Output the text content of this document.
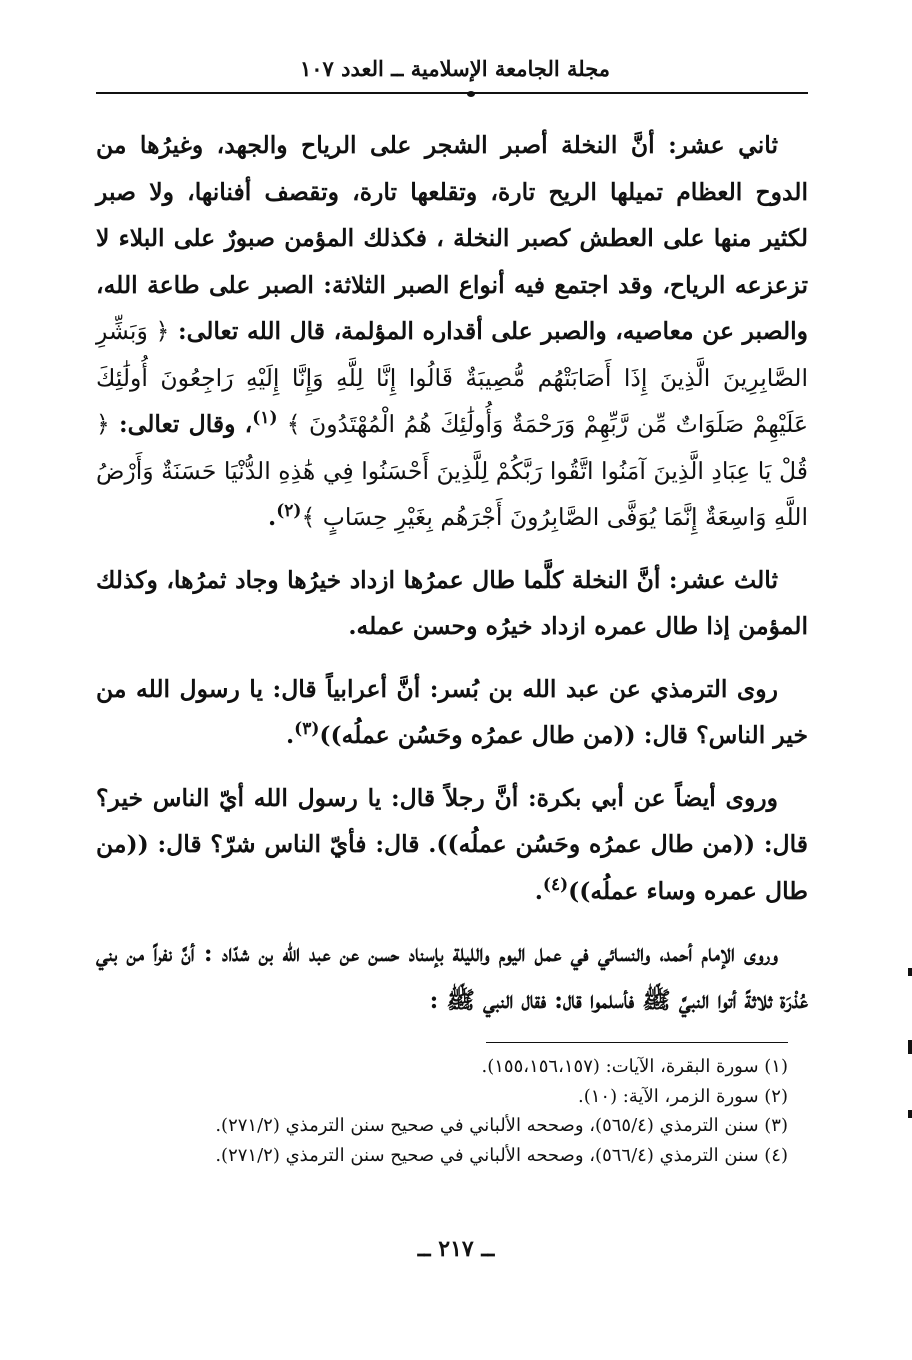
مجلة الجامعة الإسلامية ــ العدد ١٠٧

ثاني عشر: أنَّ النخلة أصبر الشجر على الرياح والجهد، وغيرُها من الدوح العظام تميلها الريح تارة، وتقلعها تارة، وتقصف أفنانها، ولا صبر لكثير منها على العطش كصبر النخلة ، فكذلك المؤمن صبورٌ على البلاء لا تزعزعه الرياح، وقد اجتمع فيه أنواع الصبر الثلاثة: الصبر على طاعة الله، والصبر عن معاصيه، والصبر على أقداره المؤلمة، قال الله تعالى: ﴿ وَبَشِّرِ الصَّابِرِينَ الَّذِينَ إِذَا أَصَابَتْهُم مُّصِيبَةٌ قَالُوا إِنَّا لِلَّهِ وَإِنَّا إِلَيْهِ رَاجِعُونَ أُولَٰئِكَ عَلَيْهِمْ صَلَوَاتٌ مِّن رَّبِّهِمْ وَرَحْمَةٌ وَأُولَٰئِكَ هُمُ الْمُهْتَدُونَ ﴾ $^{(١)}$، وقال تعالى: ﴿ قُلْ يَا عِبَادِ الَّذِينَ آمَنُوا اتَّقُوا رَبَّكُمْ لِلَّذِينَ أَحْسَنُوا فِي هَٰذِهِ الدُّنْيَا حَسَنَةٌ وَأَرْضُ اللَّهِ وَاسِعَةٌ إِنَّمَا يُوَفَّى الصَّابِرُونَ أَجْرَهُم بِغَيْرِ حِسَابٍ ﴾$^{(٢)}$.

ثالث عشر: أنَّ النخلة كلَّما طال عمرُها ازداد خيرُها وجاد ثمرُها، وكذلك المؤمن إذا طال عمره ازداد خيرُه وحسن عمله.

روى الترمذي عن عبد الله بن بُسر: أنَّ أعرابياً قال: يا رسول الله من خير الناس؟ قال: ((من طال عمرُه وحَسُن عملُه))$^{(٣)}$.

وروى أيضاً عن أبي بكرة: أنَّ رجلاً قال: يا رسول الله أيّ الناس خير؟ قال: ((من طال عمرُه وحَسُن عملُه)). قال: فأيّ الناس شرّ؟ قال: ((من طال عمره وساء عملُه))$^{(٤)}$.

وروى الإمام أحمد، والنسائي في عمل اليوم والليلة بإسناد حسن عن عبد الله بن شدّاد : أنَّ نفراً من بني عُذْرَة ثلاثةً أتوا النبيَّ ﷺ فأسلموا قال: فقال النبي ﷺ :

(١) سورة البقرة، الآيات: (١٥٥،١٥٦،١٥٧).
(٢) سورة الزمر، الآية: (١٠).
(٣) سنن الترمذي (٥٦٥/٤)، وصححه الألباني في صحيح سنن الترمذي (٢٧١/٢).
(٤) سنن الترمذي (٥٦٦/٤)، وصححه الألباني في صحيح سنن الترمذي (٢٧١/٢).
ــ ٢١٧ ــ
